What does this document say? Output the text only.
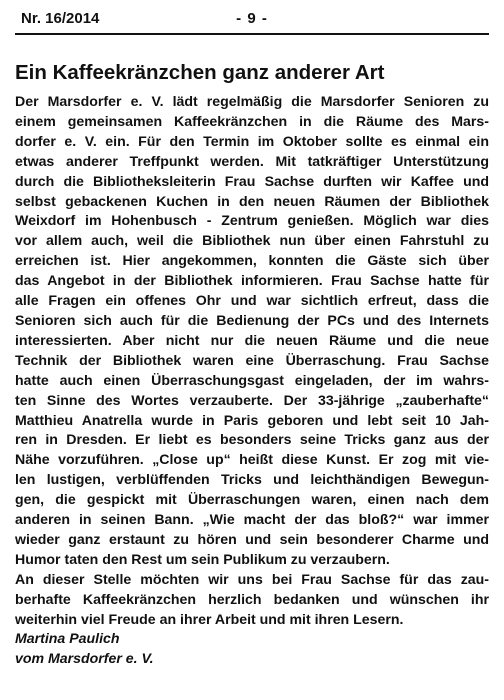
Nr. 16/2014	- 9 -
Ein Kaffeekränzchen ganz anderer Art
Der Marsdorfer e. V. lädt regelmäßig die Marsdorfer Senioren zu
einem gemeinsamen Kaffeekränzchen in die Räume des Mars-
dorfer e. V. ein. Für den Termin im Oktober sollte es einmal ein
etwas anderer Treffpunkt werden. Mit tatkräftiger Unterstützung
durch die Bibliotheksleiterin Frau Sachse durften wir Kaffee und
selbst gebackenen Kuchen in den neuen Räumen der Bibliothek
Weixdorf im Hohenbusch - Zentrum genießen. Möglich war dies
vor allem auch, weil die Bibliothek nun über einen Fahrstuhl zu
erreichen ist. Hier angekommen, konnten die Gäste sich über
das Angebot in der Bibliothek informieren. Frau Sachse hatte für
alle Fragen ein offenes Ohr und war sichtlich erfreut, dass die
Senioren sich auch für die Bedienung der PCs und des Internets
interessierten. Aber nicht nur die neuen Räume und die neue
Technik der Bibliothek waren eine Überraschung. Frau Sachse
hatte auch einen Überraschungsgast eingeladen, der im wahrs-
ten Sinne des Wortes verzauberte. Der 33-jährige „zauberhafte“
Matthieu Anatrella wurde in Paris geboren und lebt seit 10 Jah-
ren in Dresden. Er liebt es besonders seine Tricks ganz aus der
Nähe vorzuführen. „Close up“ heißt diese Kunst. Er zog mit vie-
len lustigen, verblüffenden Tricks und leichthändigen Bewegun-
gen, die gespickt mit Überraschungen waren, einen nach dem
anderen in seinen Bann. „Wie macht der das bloß?“ war immer
wieder ganz erstaunt zu hören und sein besonderer Charme und
Humor taten den Rest um sein Publikum zu verzaubern.
An dieser Stelle möchten wir uns bei Frau Sachse für das zau-
berhafte Kaffeekränzchen herzlich bedanken und wünschen ihr
weiterhin viel Freude an ihrer Arbeit und mit ihren Lesern.
Martina Paulich
vom Marsdorfer e. V.
